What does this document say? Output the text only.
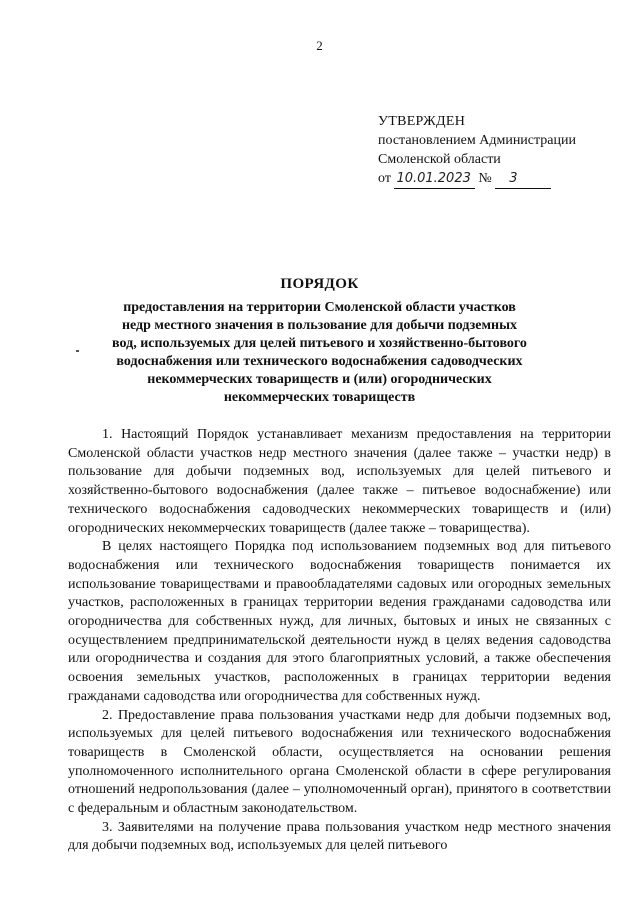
2
УТВЕРЖДЕН
постановлением Администрации
Смоленской области
от 10.01.2023 № 3
ПОРЯДОК
предоставления на территории Смоленской области участков недр местного значения в пользование для добычи подземных вод, используемых для целей питьевого и хозяйственно-бытового водоснабжения или технического водоснабжения садоводческих некоммерческих товариществ и (или) огороднических некоммерческих товариществ

1. Настоящий Порядок устанавливает механизм предоставления на территории Смоленской области участков недр местного значения (далее также – участки недр) в пользование для добычи подземных вод, используемых для целей питьевого и хозяйственно-бытового водоснабжения (далее также – питьевое водоснабжение) или технического водоснабжения садоводческих некоммерческих товариществ и (или) огороднических некоммерческих товариществ (далее также – товарищества).

В целях настоящего Порядка под использованием подземных вод для питьевого водоснабжения или технического водоснабжения товариществ понимается их использование товариществами и правообладателями садовых или огородных земельных участков, расположенных в границах территории ведения гражданами садоводства или огородничества для собственных нужд, для личных, бытовых и иных не связанных с осуществлением предпринимательской деятельности нужд в целях ведения садоводства или огородничества и создания для этого благоприятных условий, а также обеспечения освоения земельных участков, расположенных в границах территории ведения гражданами садоводства или огородничества для собственных нужд.

2. Предоставление права пользования участками недр для добычи подземных вод, используемых для целей питьевого водоснабжения или технического водоснабжения товариществ в Смоленской области, осуществляется на основании решения уполномоченного исполнительного органа Смоленской области в сфере регулирования отношений недропользования (далее – уполномоченный орган), принятого в соответствии с федеральным и областным законодательством.

3. Заявителями на получение права пользования участком недр местного значения для добычи подземных вод, используемых для целей питьевого
